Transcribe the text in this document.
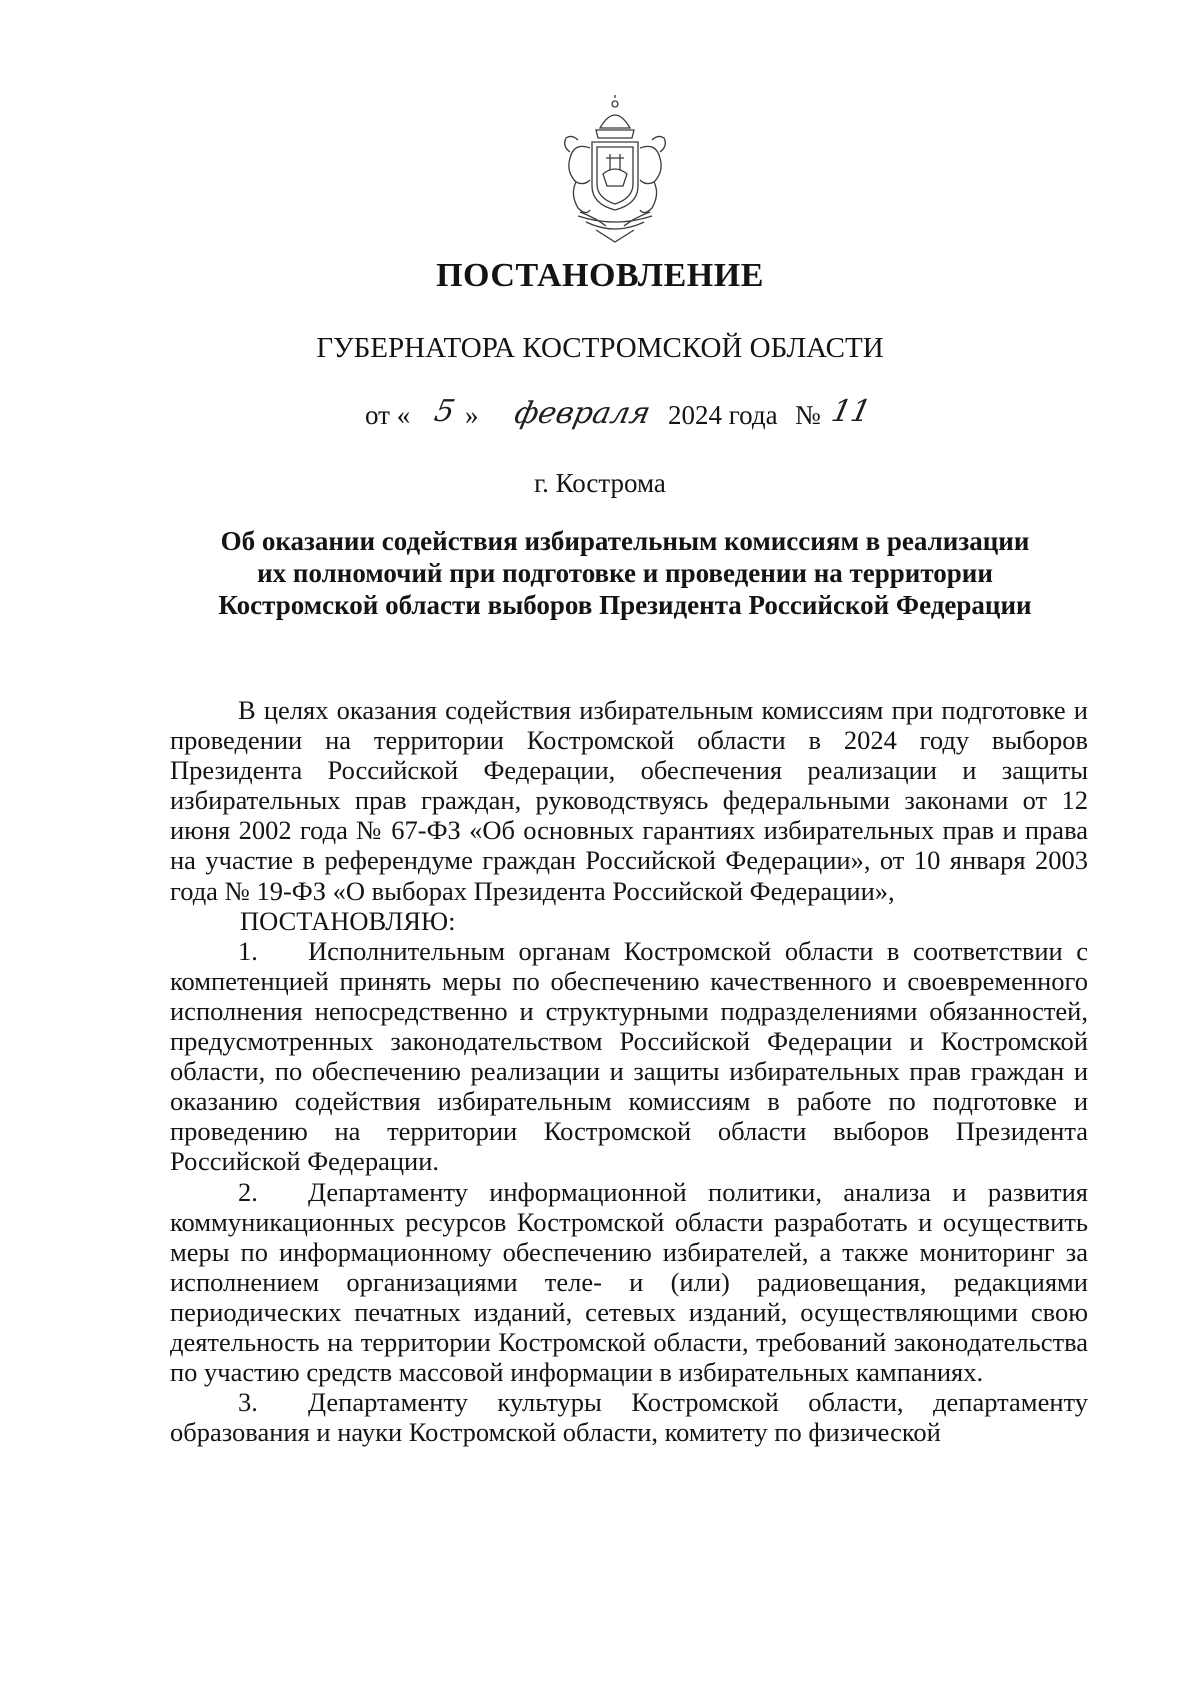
ПОСТАНОВЛЕНИЕ

ГУБЕРНАТОРА КОСТРОМСКОЙ ОБЛАСТИ

от « 5 » февраля 2024 года № 11

г. Кострома

Об оказании содействия избирательным комиссиям в реализации
их полномочий при подготовке и проведении на территории
Костромской области выборов Президента Российской Федерации

В целях оказания содействия избирательным комиссиям при подготовке и проведении на территории Костромской области в 2024 году выборов Президента Российской Федерации, обеспечения реализации и защиты избирательных прав граждан, руководствуясь федеральными законами от 12 июня 2002 года № 67-ФЗ «Об основных гарантиях избирательных прав и права на участие в референдуме граждан Российской Федерации», от 10 января 2003 года № 19-ФЗ «О выборах Президента Российской Федерации»,

ПОСТАНОВЛЯЮ:

1. Исполнительным органам Костромской области в соответствии с компетенцией принять меры по обеспечению качественного и своевременного исполнения непосредственно и структурными подразделениями обязанностей, предусмотренных законодательством Российской Федерации и Костромской области, по обеспечению реализации и защиты избирательных прав граждан и оказанию содействия избирательным комиссиям в работе по подготовке и проведению на территории Костромской области выборов Президента Российской Федерации.

2. Департаменту информационной политики, анализа и развития коммуникационных ресурсов Костромской области разработать и осуществить меры по информационному обеспечению избирателей, а также мониторинг за исполнением организациями теле- и (или) радиовещания, редакциями периодических печатных изданий, сетевых изданий, осуществляющими свою деятельность на территории Костромской области, требований законодательства по участию средств массовой информации в избирательных кампаниях.

3. Департаменту культуры Костромской области, департаменту образования и науки Костромской области, комитету по физической
